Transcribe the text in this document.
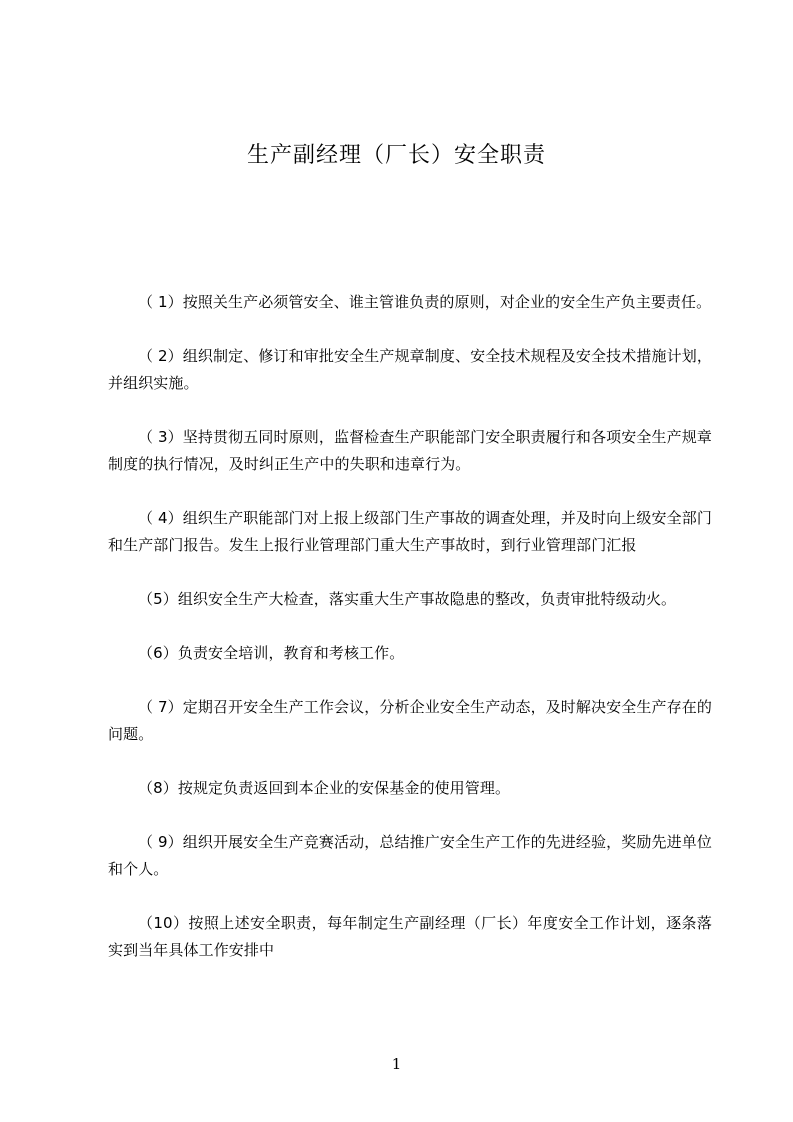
生产副经理（厂长）安全职责

（ 1）按照关生产必须管安全、谁主管谁负责的原则，对企业的安全生产负主要责任。

（ 2）组织制定、修订和审批安全生产规章制度、安全技术规程及安全技术措施计划，并组织实施。

（ 3）坚持贯彻五同时原则，监督检查生产职能部门安全职责履行和各项安全生产规章制度的执行情况，及时纠正生产中的失职和违章行为。

（ 4）组织生产职能部门对上报上级部门生产事故的调查处理，并及时向上级安全部门和生产部门报告。发生上报行业管理部门重大生产事故时，到行业管理部门汇报

（5）组织安全生产大检查，落实重大生产事故隐患的整改，负责审批特级动火。

（6）负责安全培训，教育和考核工作。

（ 7）定期召开安全生产工作会议，分析企业安全生产动态，及时解决安全生产存在的问题。

（8）按规定负责返回到本企业的安保基金的使用管理。

（ 9）组织开展安全生产竞赛活动，总结推广安全生产工作的先进经验，奖励先进单位和个人。

（10）按照上述安全职责，每年制定生产副经理（厂长）年度安全工作计划，逐条落实到当年具体工作安排中

1
